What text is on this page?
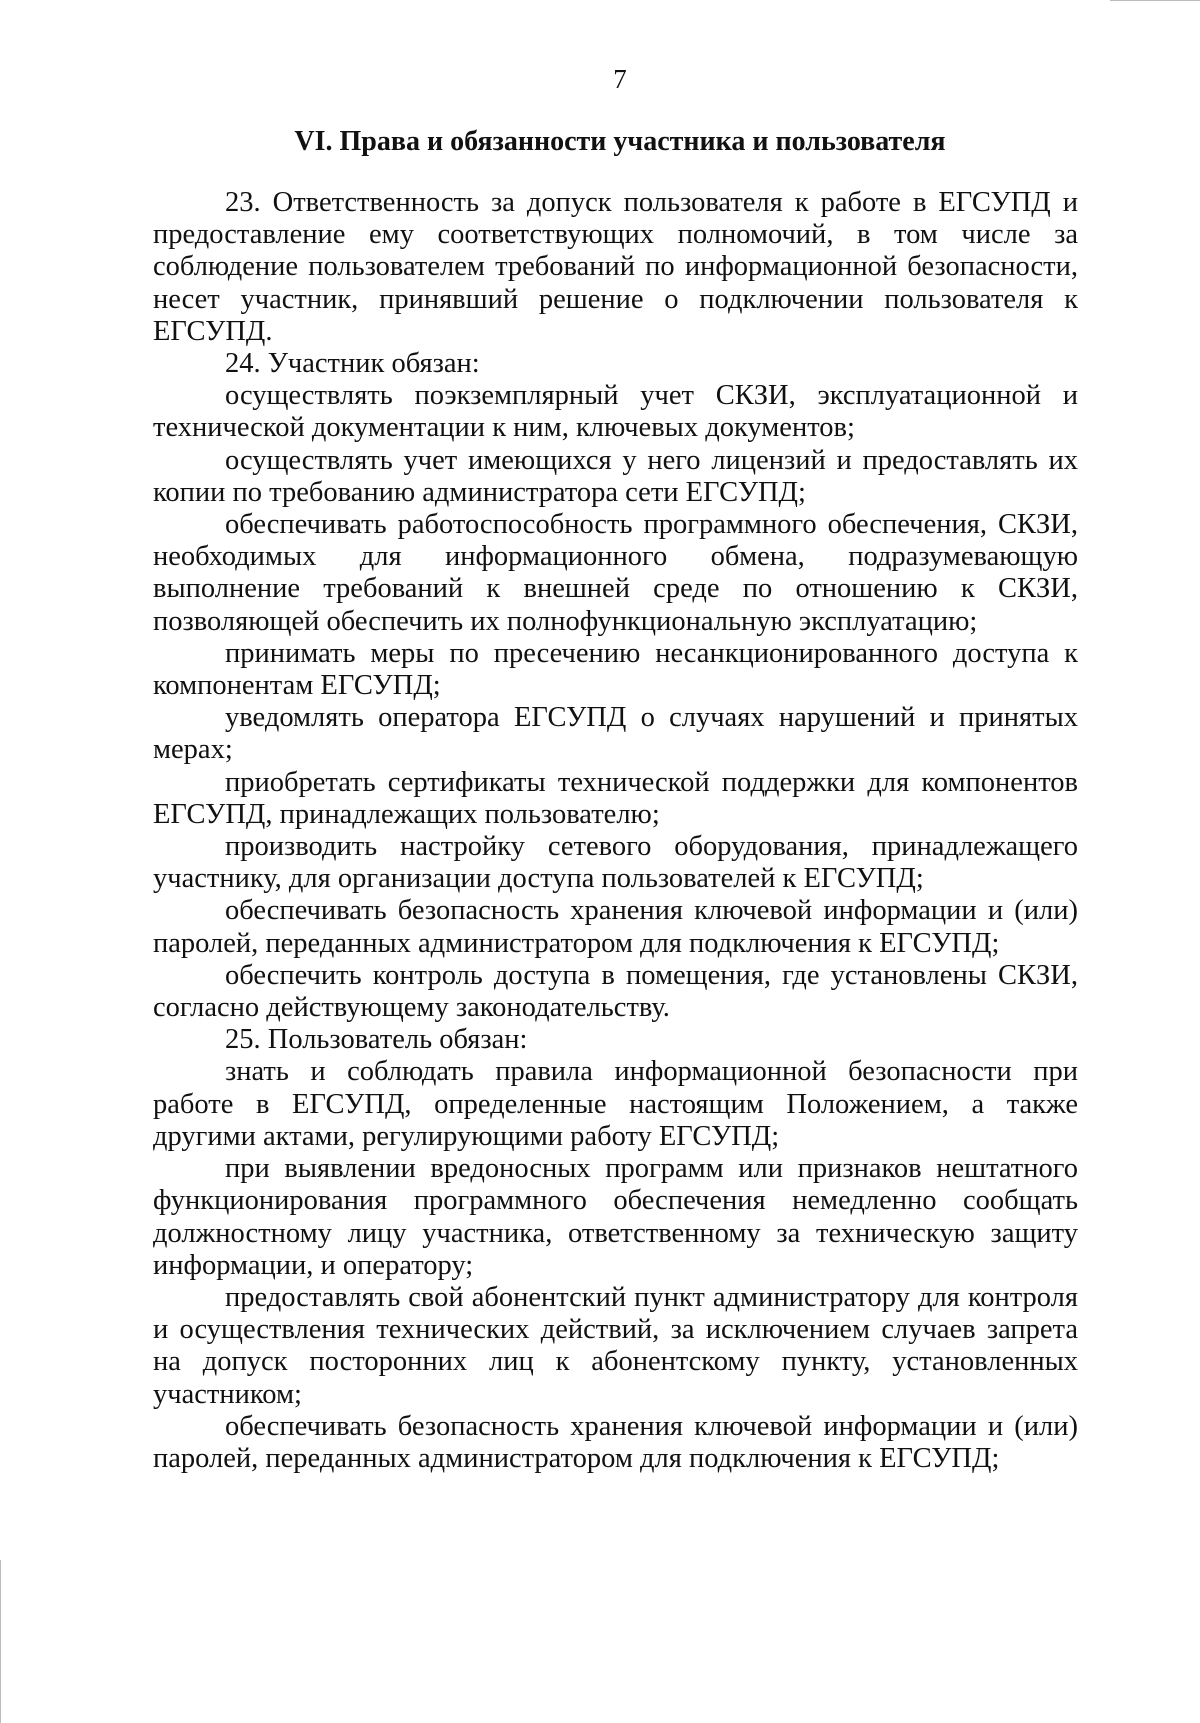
7
VI. Права и обязанности участника и пользователя

23. Ответственность за допуск пользователя к работе в ЕГСУПД и предоставление ему соответствующих полномочий, в том числе за соблюдение пользователем требований по информационной безопасности, несет участник, принявший решение о подключении пользователя к ЕГСУПД.

24. Участник обязан:

осуществлять поэкземплярный учет СКЗИ, эксплуатационной и технической документации к ним, ключевых документов;

осуществлять учет имеющихся у него лицензий и предоставлять их копии по требованию администратора сети ЕГСУПД;

обеспечивать работоспособность программного обеспечения, СКЗИ, необходимых для информационного обмена, подразумевающую выполнение требований к внешней среде по отношению к СКЗИ, позволяющей обеспечить их полнофункциональную эксплуатацию;

принимать меры по пресечению несанкционированного доступа к компонентам ЕГСУПД;

уведомлять оператора ЕГСУПД о случаях нарушений и принятых мерах;

приобретать сертификаты технической поддержки для компонентов ЕГСУПД, принадлежащих пользователю;

производить настройку сетевого оборудования, принадлежащего участнику, для организации доступа пользователей к ЕГСУПД;

обеспечивать безопасность хранения ключевой информации и (или) паролей, переданных администратором для подключения к ЕГСУПД;

обеспечить контроль доступа в помещения, где установлены СКЗИ, согласно действующему законодательству.

25. Пользователь обязан:

знать и соблюдать правила информационной безопасности при работе в ЕГСУПД, определенные настоящим Положением, а также другими актами, регулирующими работу ЕГСУПД;

при выявлении вредоносных программ или признаков нештатного функционирования программного обеспечения немедленно сообщать должностному лицу участника, ответственному за техническую защиту информации, и оператору;

предоставлять свой абонентский пункт администратору для контроля и осуществления технических действий, за исключением случаев запрета на допуск посторонних лиц к абонентскому пункту, установленных участником;

обеспечивать безопасность хранения ключевой информации и (или) паролей, переданных администратором для подключения к ЕГСУПД;
